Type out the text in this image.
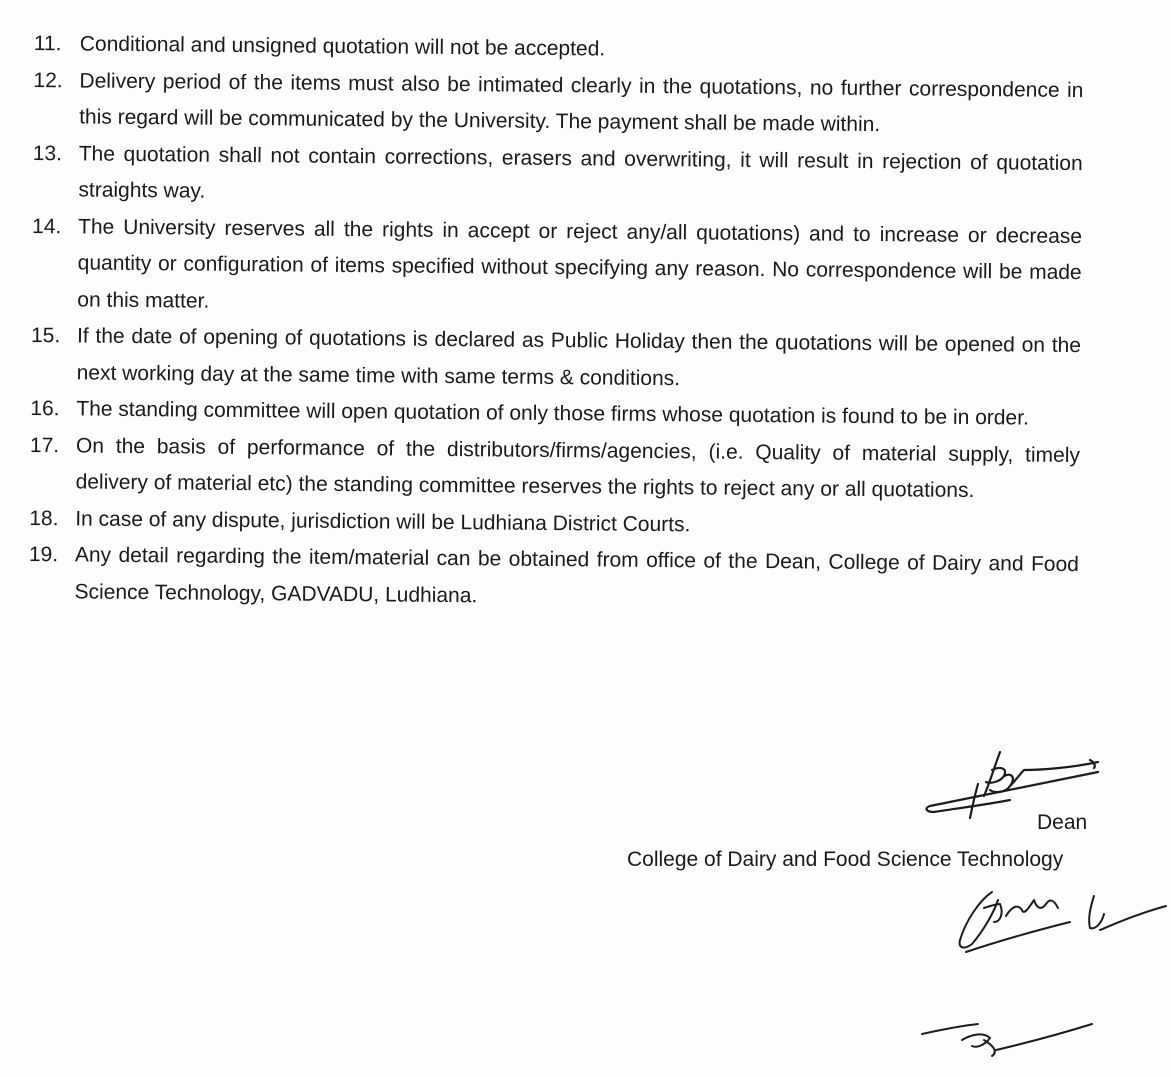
11. Conditional and unsigned quotation will not be accepted.
12. Delivery period of the items must also be intimated clearly in the quotations, no further correspondence in this regard will be communicated by the University. The payment shall be made within.
13. The quotation shall not contain corrections, erasers and overwriting, it will result in rejection of quotation straights way.
14. The University reserves all the rights in accept or reject any/all quotations) and to increase or decrease quantity or configuration of items specified without specifying any reason. No correspondence will be made on this matter.
15. If the date of opening of quotations is declared as Public Holiday then the quotations will be opened on the next working day at the same time with same terms & conditions.
16. The standing committee will open quotation of only those firms whose quotation is found to be in order.
17. On the basis of performance of the distributors/firms/agencies, (i.e. Quality of material supply, timely delivery of material etc) the standing committee reserves the rights to reject any or all quotations.
18. In case of any dispute, jurisdiction will be Ludhiana District Courts.
19. Any detail regarding the item/material can be obtained from office of the Dean, College of Dairy and Food Science Technology, GADVADU, Ludhiana.
Dean
College of Dairy and Food Science Technology
